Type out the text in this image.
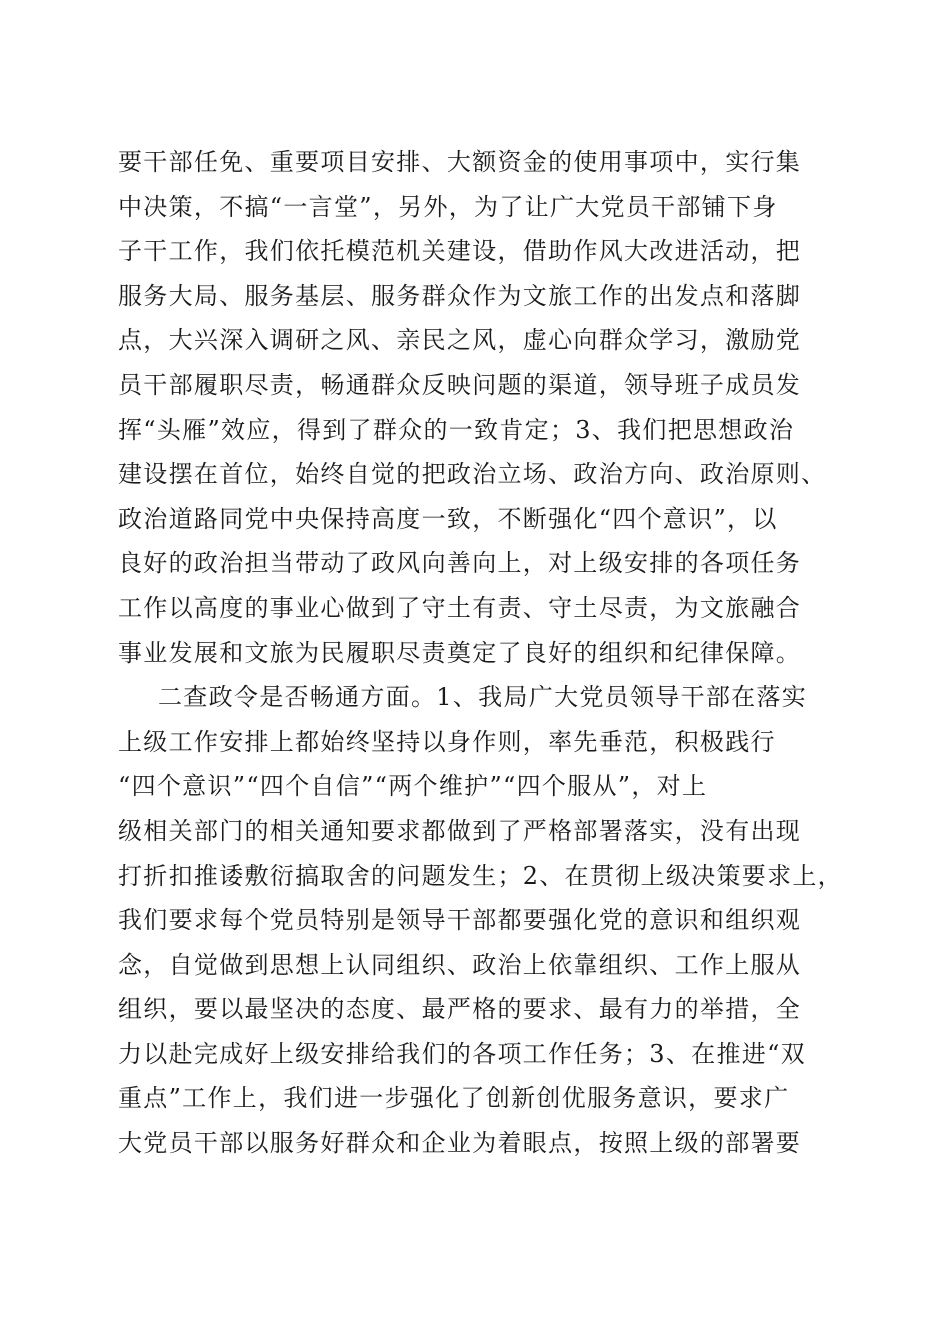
要干部任免、重要项目安排、大额资金的使用事项中，实行集
中决策，不搞“一言堂”，另外，为了让广大党员干部铺下身
子干工作，我们依托模范机关建设，借助作风大改进活动，把
服务大局、服务基层、服务群众作为文旅工作的出发点和落脚
点，大兴深入调研之风、亲民之风，虚心向群众学习，激励党
员干部履职尽责，畅通群众反映问题的渠道，领导班子成员发
挥“头雁”效应，得到了群众的一致肯定；3、我们把思想政治
建设摆在首位，始终自觉的把政治立场、政治方向、政治原则、
政治道路同党中央保持高度一致，不断强化“四个意识”，以
良好的政治担当带动了政风向善向上，对上级安排的各项任务
工作以高度的事业心做到了守土有责、守土尽责，为文旅融合
事业发展和文旅为民履职尽责奠定了良好的组织和纪律保障。
二查政令是否畅通方面。1、我局广大党员领导干部在落实
上级工作安排上都始终坚持以身作则，率先垂范，积极践行
“四个意识”“四个自信”“两个维护”“四个服从”，对上
级相关部门的相关通知要求都做到了严格部署落实，没有出现
打折扣推诿敷衍搞取舍的问题发生；2、在贯彻上级决策要求上，
我们要求每个党员特别是领导干部都要强化党的意识和组织观
念，自觉做到思想上认同组织、政治上依靠组织、工作上服从
组织，要以最坚决的态度、最严格的要求、最有力的举措，全
力以赴完成好上级安排给我们的各项工作任务；3、在推进“双
重点”工作上，我们进一步强化了创新创优服务意识，要求广
大党员干部以服务好群众和企业为着眼点，按照上级的部署要
